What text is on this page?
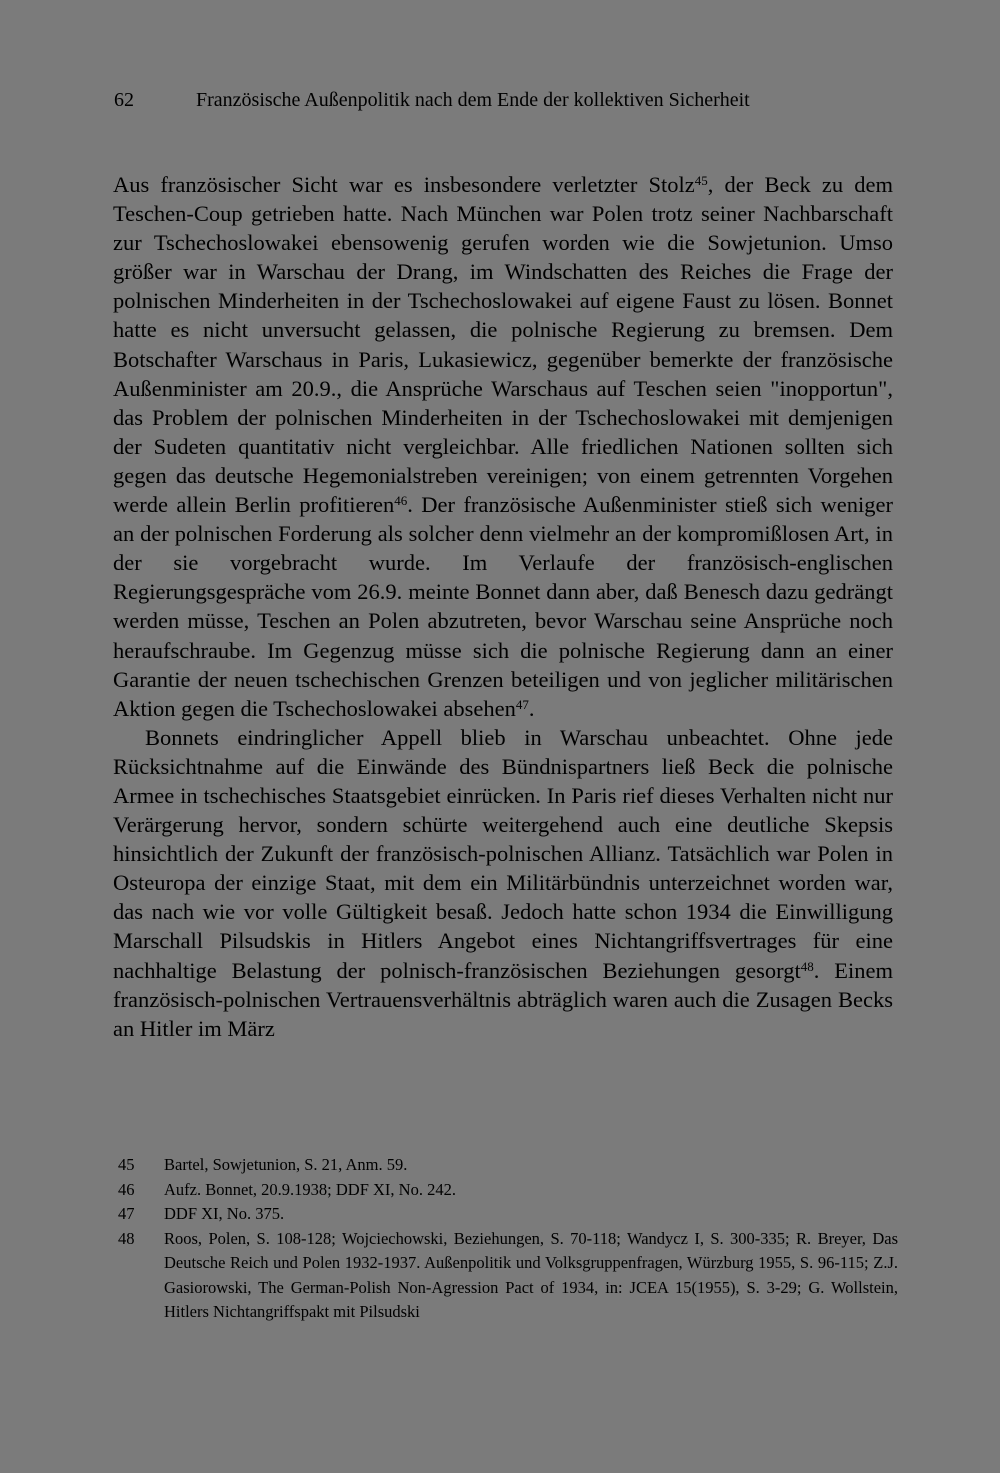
62	Französische Außenpolitik nach dem Ende der kollektiven Sicherheit

Aus französischer Sicht war es insbesondere verletzter Stolz$^{45}$, der Beck zu dem Teschen-Coup getrieben hatte. Nach München war Polen trotz seiner Nachbarschaft zur Tschechoslowakei ebensowenig gerufen worden wie die Sowjetunion. Umso größer war in Warschau der Drang, im Windschatten des Reiches die Frage der polnischen Minderheiten in der Tschechoslowakei auf eigene Faust zu lösen. Bonnet hatte es nicht unversucht gelassen, die polnische Regierung zu bremsen. Dem Botschafter Warschaus in Paris, Lukasiewicz, gegenüber bemerkte der französische Außenminister am 20.9., die Ansprüche Warschaus auf Teschen seien "inopportun", das Problem der polnischen Minderheiten in der Tschechoslowakei mit demjenigen der Sudeten quantitativ nicht vergleichbar. Alle friedlichen Nationen sollten sich gegen das deutsche Hegemonialstreben vereinigen; von einem getrennten Vorgehen werde allein Berlin profitieren$^{46}$. Der französische Außenminister stieß sich weniger an der polnischen Forderung als solcher denn vielmehr an der kompromißlosen Art, in der sie vorgebracht wurde. Im Verlaufe der französisch-englischen Regierungsgespräche vom 26.9. meinte Bonnet dann aber, daß Benesch dazu gedrängt werden müsse, Teschen an Polen abzutreten, bevor Warschau seine Ansprüche noch heraufschraube. Im Gegenzug müsse sich die polnische Regierung dann an einer Garantie der neuen tschechischen Grenzen beteiligen und von jeglicher militärischen Aktion gegen die Tschechoslowakei absehen$^{47}$.

Bonnets eindringlicher Appell blieb in Warschau unbeachtet. Ohne jede Rücksichtnahme auf die Einwände des Bündnispartners ließ Beck die polnische Armee in tschechisches Staatsgebiet einrücken. In Paris rief dieses Verhalten nicht nur Verärgerung hervor, sondern schürte weitergehend auch eine deutliche Skepsis hinsichtlich der Zukunft der französisch-polnischen Allianz. Tatsächlich war Polen in Osteuropa der einzige Staat, mit dem ein Militärbündnis unterzeichnet worden war, das nach wie vor volle Gültigkeit besaß. Jedoch hatte schon 1934 die Einwilligung Marschall Pilsudskis in Hitlers Angebot eines Nichtangriffsvertrages für eine nachhaltige Belastung der polnisch-französischen Beziehungen gesorgt$^{48}$. Einem französisch-polnischen Vertrauensverhältnis abträglich waren auch die Zusagen Becks an Hitler im März

45	Bartel, Sowjetunion, S. 21, Anm. 59.
46	Aufz. Bonnet, 20.9.1938; DDF XI, No. 242.
47	DDF XI, No. 375.
48	Roos, Polen, S. 108-128; Wojciechowski, Beziehungen, S. 70-118; Wandycz I, S. 300-335; R. Breyer, Das Deutsche Reich und Polen 1932-1937. Außenpolitik und Volksgruppenfragen, Würzburg 1955, S. 96-115; Z.J. Gasiorowski, The German-Polish Non-Agression Pact of 1934, in: JCEA 15(1955), S. 3-29; G. Wollstein, Hitlers Nichtangriffspakt mit Pilsudski
